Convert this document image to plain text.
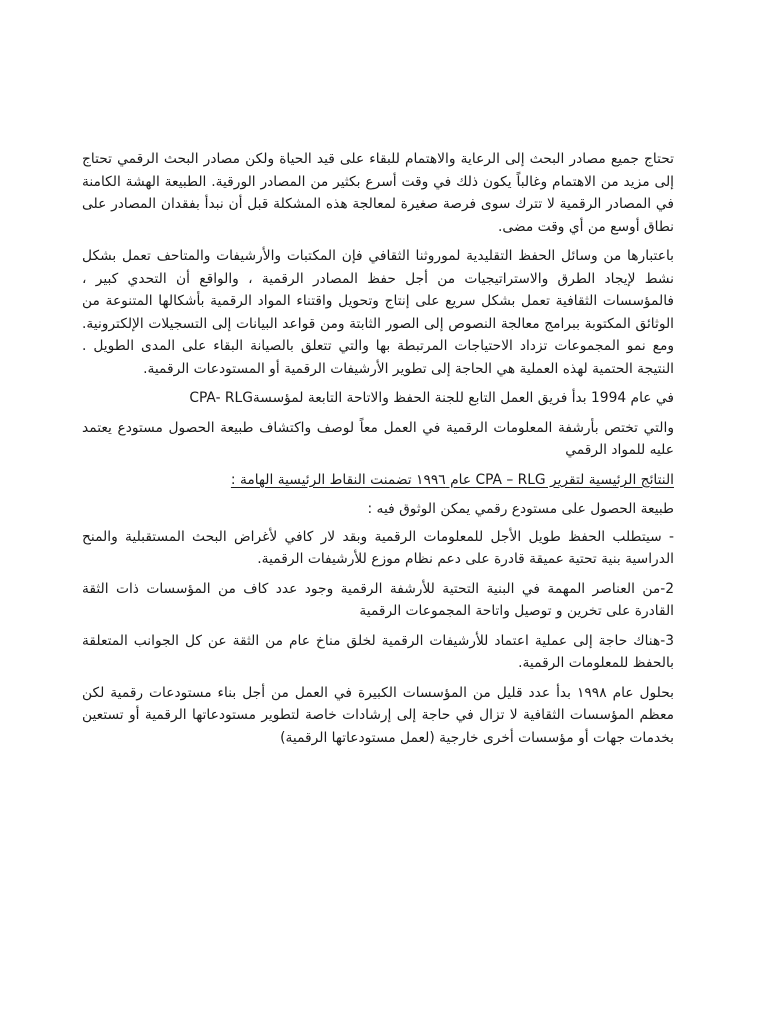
تحتاج جميع مصادر البحث إلى الرعاية والاهتمام للبقاء على قيد الحياة ولكن مصادر البحث الرقمي تحتاج إلى مزيد من الاهتمام وغالباً يكون ذلك في وقت أسرع بكثير من المصادر الورقية. الطبيعة الهشة الكامنة في المصادر الرقمية لا تترك سوى فرصة صغيرة لمعالجة هذه المشكلة قبل أن نبدأ بفقدان المصادر على نطاق أوسع من أي وقت مضى.

باعتبارها من وسائل الحفظ التقليدية لموروثنا الثقافي فإن المكتبات والأرشيفات والمتاحف تعمل بشكل نشط لإيجاد الطرق والاستراتيجيات من أجل حفظ المصادر الرقمية ، والواقع أن التحدي كبير ، فالمؤسسات الثقافية تعمل بشكل سريع على إنتاج وتحويل واقتناء المواد الرقمية بأشكالها المتنوعة من الوثائق المكتوبة ببرامج معالجة النصوص إلى الصور الثابتة ومن قواعد البيانات إلى التسجيلات الإلكترونية. ومع نمو المجموعات تزداد الاحتياجات المرتبطة بها والتي تتعلق بالصيانة البقاء على المدى الطويل . النتيجة الحتمية لهذه العملية هي الحاجة إلى تطوير الأرشيفات الرقمية أو المستودعات الرقمية.

في عام 1994 بدأ فريق العمل التابع للجنة الحفظ والاتاحة التابعة لمؤسسةCPA- RLG

والتي تختص بأرشفة المعلومات الرقمية في العمل معاً لوصف واكتشاف طبيعة الحصول مستودع يعتمد عليه للمواد الرقمي

النتائج الرئيسية لتقرير CPA – RLG عام ١٩٩٦ تضمنت النقاط الرئيسية الهامة :

طبيعة الحصول على مستودع رقمي يمكن الوثوق فيه :

- سيتطلب الحفظ طويل الأجل للمعلومات الرقمية وبقد لار كافي لأغراض البحث المستقبلية والمنح الدراسية بنية تحتية عميقة قادرة على دعم نظام موزع للأرشيفات الرقمية.

2-من العناصر المهمة في البنية التحتية للأرشفة الرقمية وجود عدد كاف من المؤسسات ذات الثقة القادرة على تخرين و توصيل واتاحة المجموعات الرقمية

3-هناك حاجة إلى عملية اعتماد للأرشيفات الرقمية لخلق مناخ عام من الثقة عن كل الجوانب المتعلقة بالحفظ للمعلومات الرقمية.

بحلول عام ١٩٩٨ بدأ عدد قليل من المؤسسات الكبيرة في العمل من أجل بناء مستودعات رقمية لكن معظم المؤسسات الثقافية لا تزال في حاجة إلى إرشادات خاصة لتطوير مستودعاتها الرقمية أو تستعين بخدمات جهات أو مؤسسات أخرى خارجية (لعمل مستودعاتها الرقمية)
